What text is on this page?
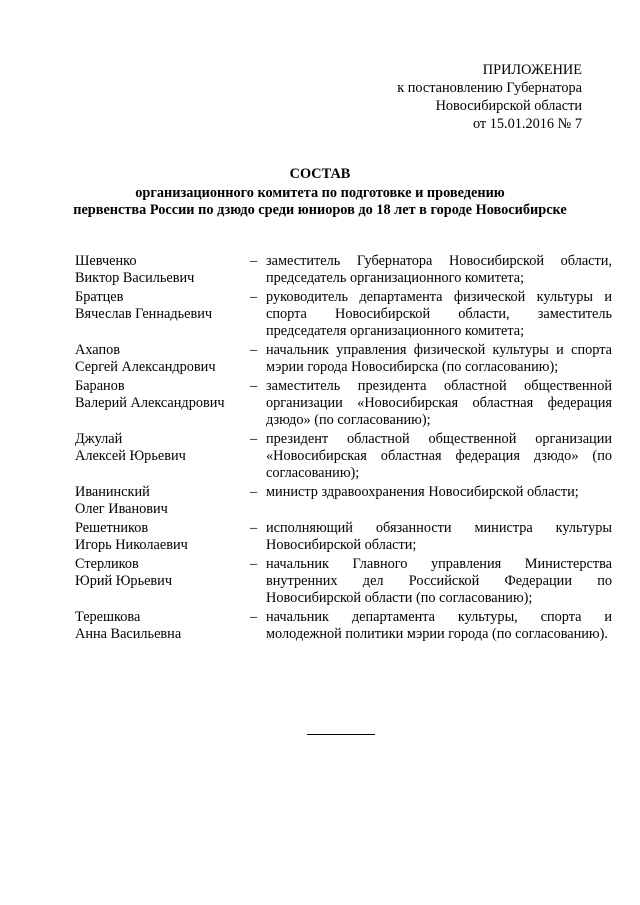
ПРИЛОЖЕНИЕ
к постановлению Губернатора
Новосибирской области
от 15.01.2016 № 7
СОСТАВ
организационного комитета по подготовке и проведению
первенства России по дзюдо среди юниоров до 18 лет в городе Новосибирске
Шевченко
Виктор Васильевич
– заместитель Губернатора Новосибирской области, председатель организационного комитета;
Братцев
Вячеслав Геннадьевич
– руководитель департамента физической культуры и спорта Новосибирской области, заместитель председателя организационного комитета;
Ахапов
Сергей Александрович
– начальник управления физической культуры и спорта мэрии города Новосибирска (по согласованию);
Баранов
Валерий Александрович
– заместитель президента областной общественной организации «Новосибирская областная федерация дзюдо» (по согласованию);
Джулай
Алексей Юрьевич
– президент областной общественной организации «Новосибирская областная федерация дзюдо» (по согласованию);
Иванинский
Олег Иванович
– министр здравоохранения Новосибирской области;
Решетников
Игорь Николаевич
– исполняющий обязанности министра культуры Новосибирской области;
Стерликов
Юрий Юрьевич
– начальник Главного управления Министерства внутренних дел Российской Федерации по Новосибирской области (по согласованию);
Терешкова
Анна Васильевна
– начальник департамента культуры, спорта и молодежной политики мэрии города (по согласованию).
